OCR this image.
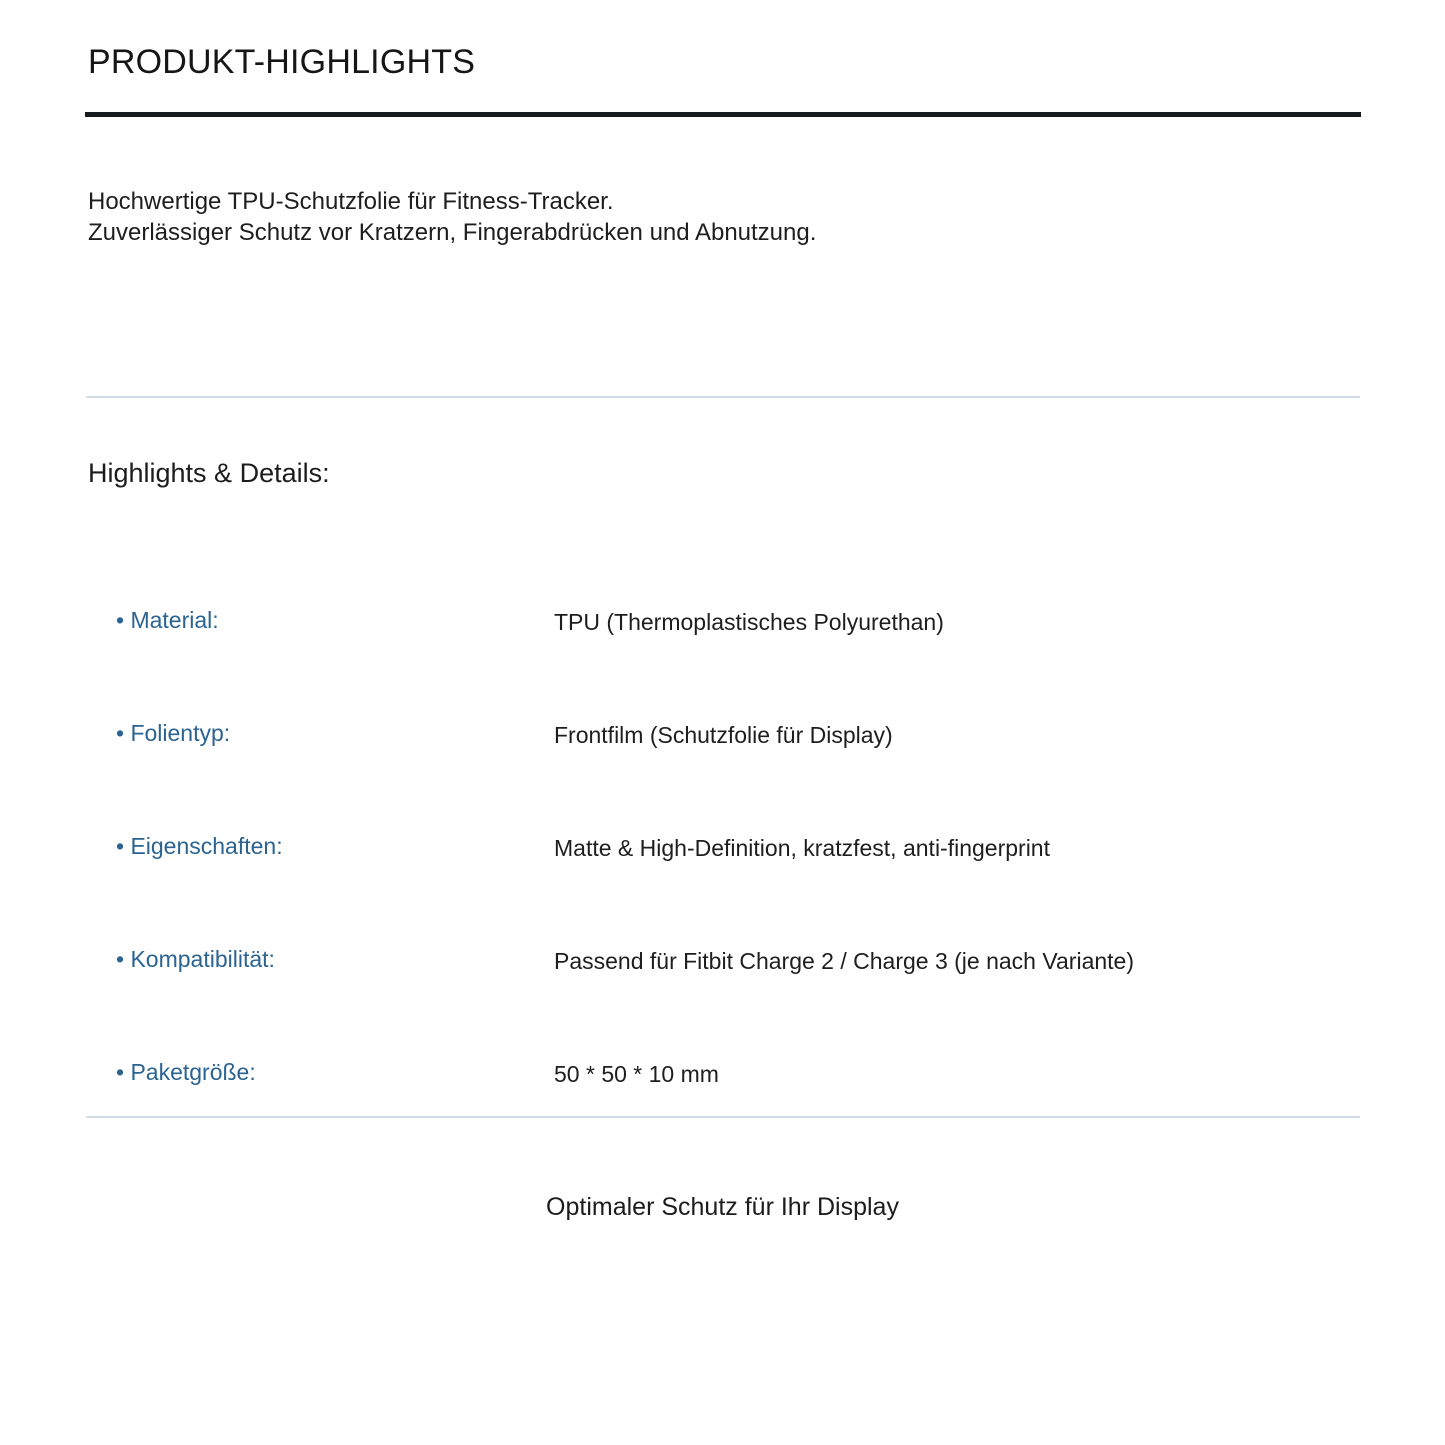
PRODUKT-HIGHLIGHTS
Hochwertige TPU-Schutzfolie für Fitness-Tracker.
Zuverlässiger Schutz vor Kratzern, Fingerabdrücken und Abnutzung.
Highlights & Details:
• Material:	TPU (Thermoplastisches Polyurethan)
• Folientyp:	Frontfilm (Schutzfolie für Display)
• Eigenschaften:	Matte & High-Definition, kratzfest, anti-fingerprint
• Kompatibilität:	Passend für Fitbit Charge 2 / Charge 3 (je nach Variante)
• Paketgröße:	50 * 50 * 10 mm
Optimaler Schutz für Ihr Display
